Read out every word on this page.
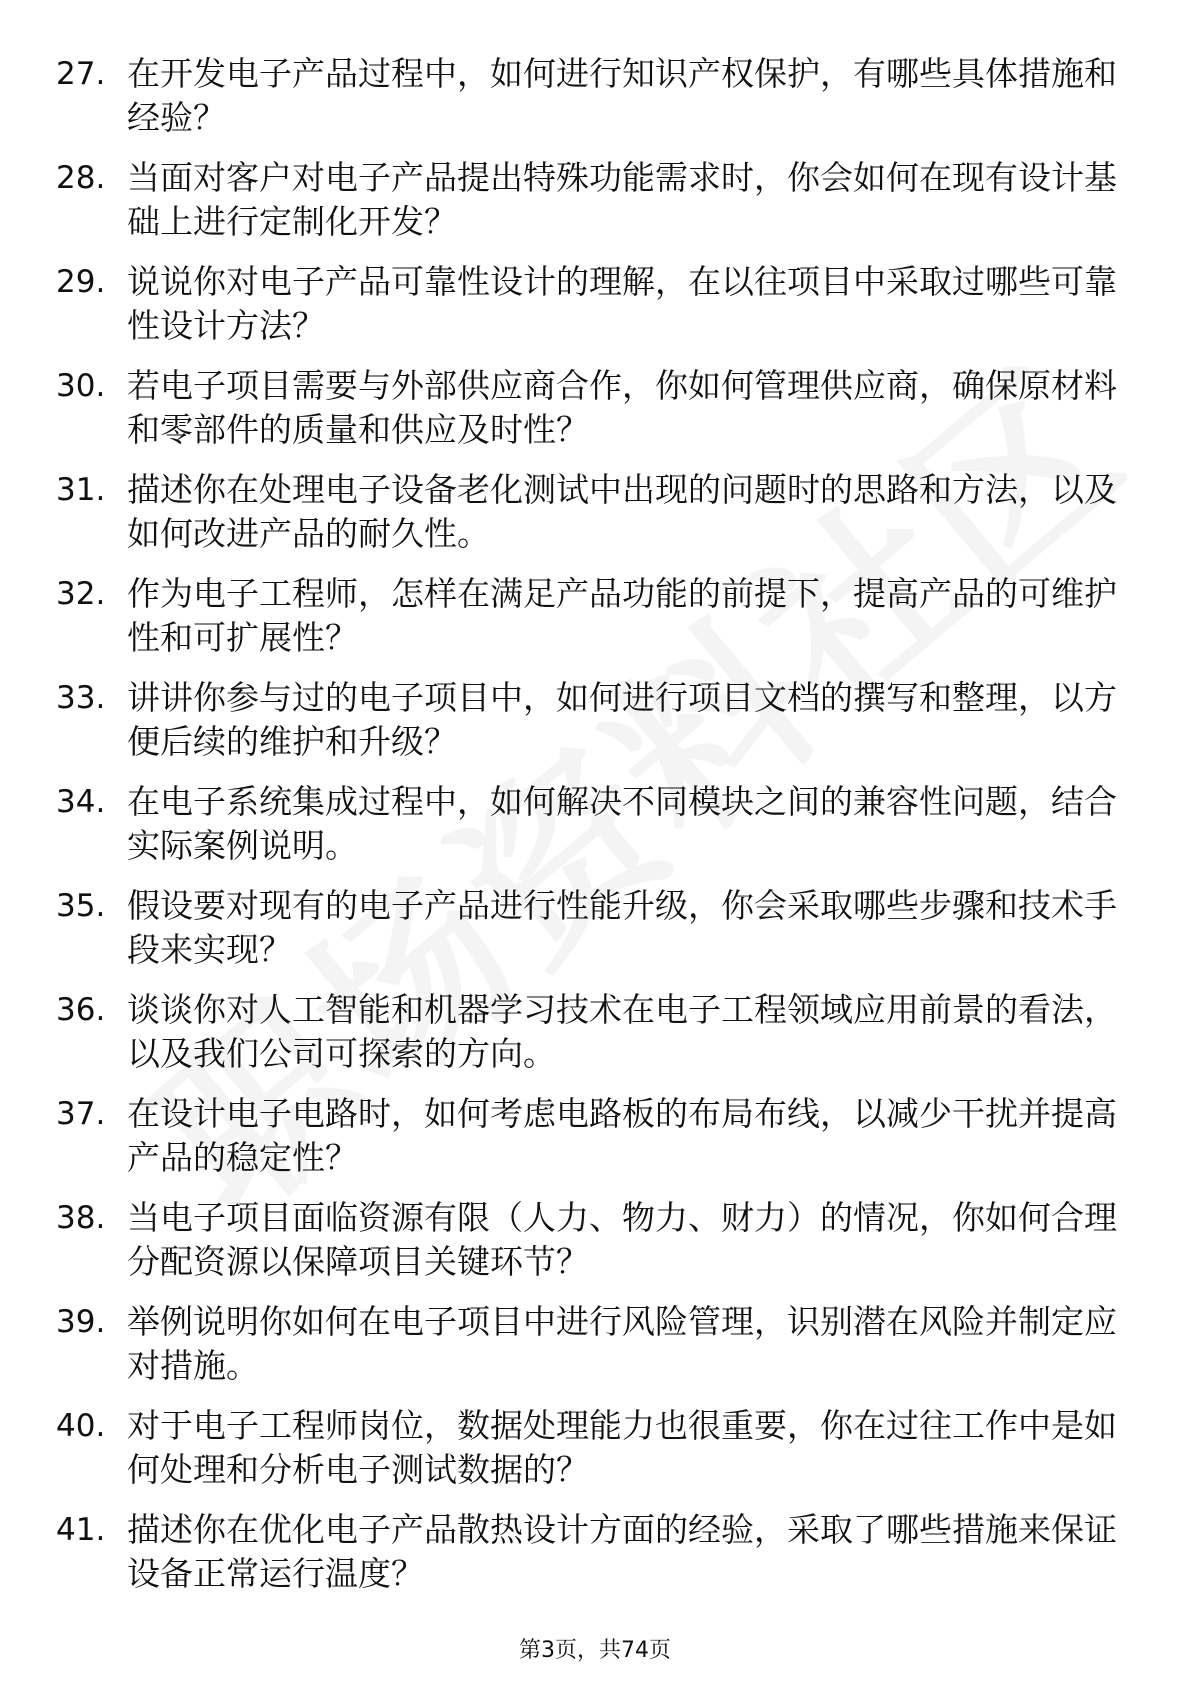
27. 在开发电子产品过程中，如何进行知识产权保护，有哪些具体措施和经验？
28. 当面对客户对电子产品提出特殊功能需求时，你会如何在现有设计基础上进行定制化开发？
29. 说说你对电子产品可靠性设计的理解，在以往项目中采取过哪些可靠性设计方法？
30. 若电子项目需要与外部供应商合作，你如何管理供应商，确保原材料和零部件的质量和供应及时性？
31. 描述你在处理电子设备老化测试中出现的问题时的思路和方法，以及如何改进产品的耐久性。
32. 作为电子工程师，怎样在满足产品功能的前提下，提高产品的可维护性和可扩展性？
33. 讲讲你参与过的电子项目中，如何进行项目文档的撰写和整理，以方便后续的维护和升级？
34. 在电子系统集成过程中，如何解决不同模块之间的兼容性问题，结合实际案例说明。
35. 假设要对现有的电子产品进行性能升级，你会采取哪些步骤和技术手段来实现？
36. 谈谈你对人工智能和机器学习技术在电子工程领域应用前景的看法，以及我们公司可探索的方向。
37. 在设计电子电路时，如何考虑电路板的布局布线，以减少干扰并提高产品的稳定性？
38. 当电子项目面临资源有限（人力、物力、财力）的情况，你如何合理分配资源以保障项目关键环节？
39. 举例说明你如何在电子项目中进行风险管理，识别潜在风险并制定应对措施。
40. 对于电子工程师岗位，数据处理能力也很重要，你在过往工作中是如何处理和分析电子测试数据的？
41. 描述你在优化电子产品散热设计方面的经验，采取了哪些措施来保证设备正常运行温度？
第3页，共74页
